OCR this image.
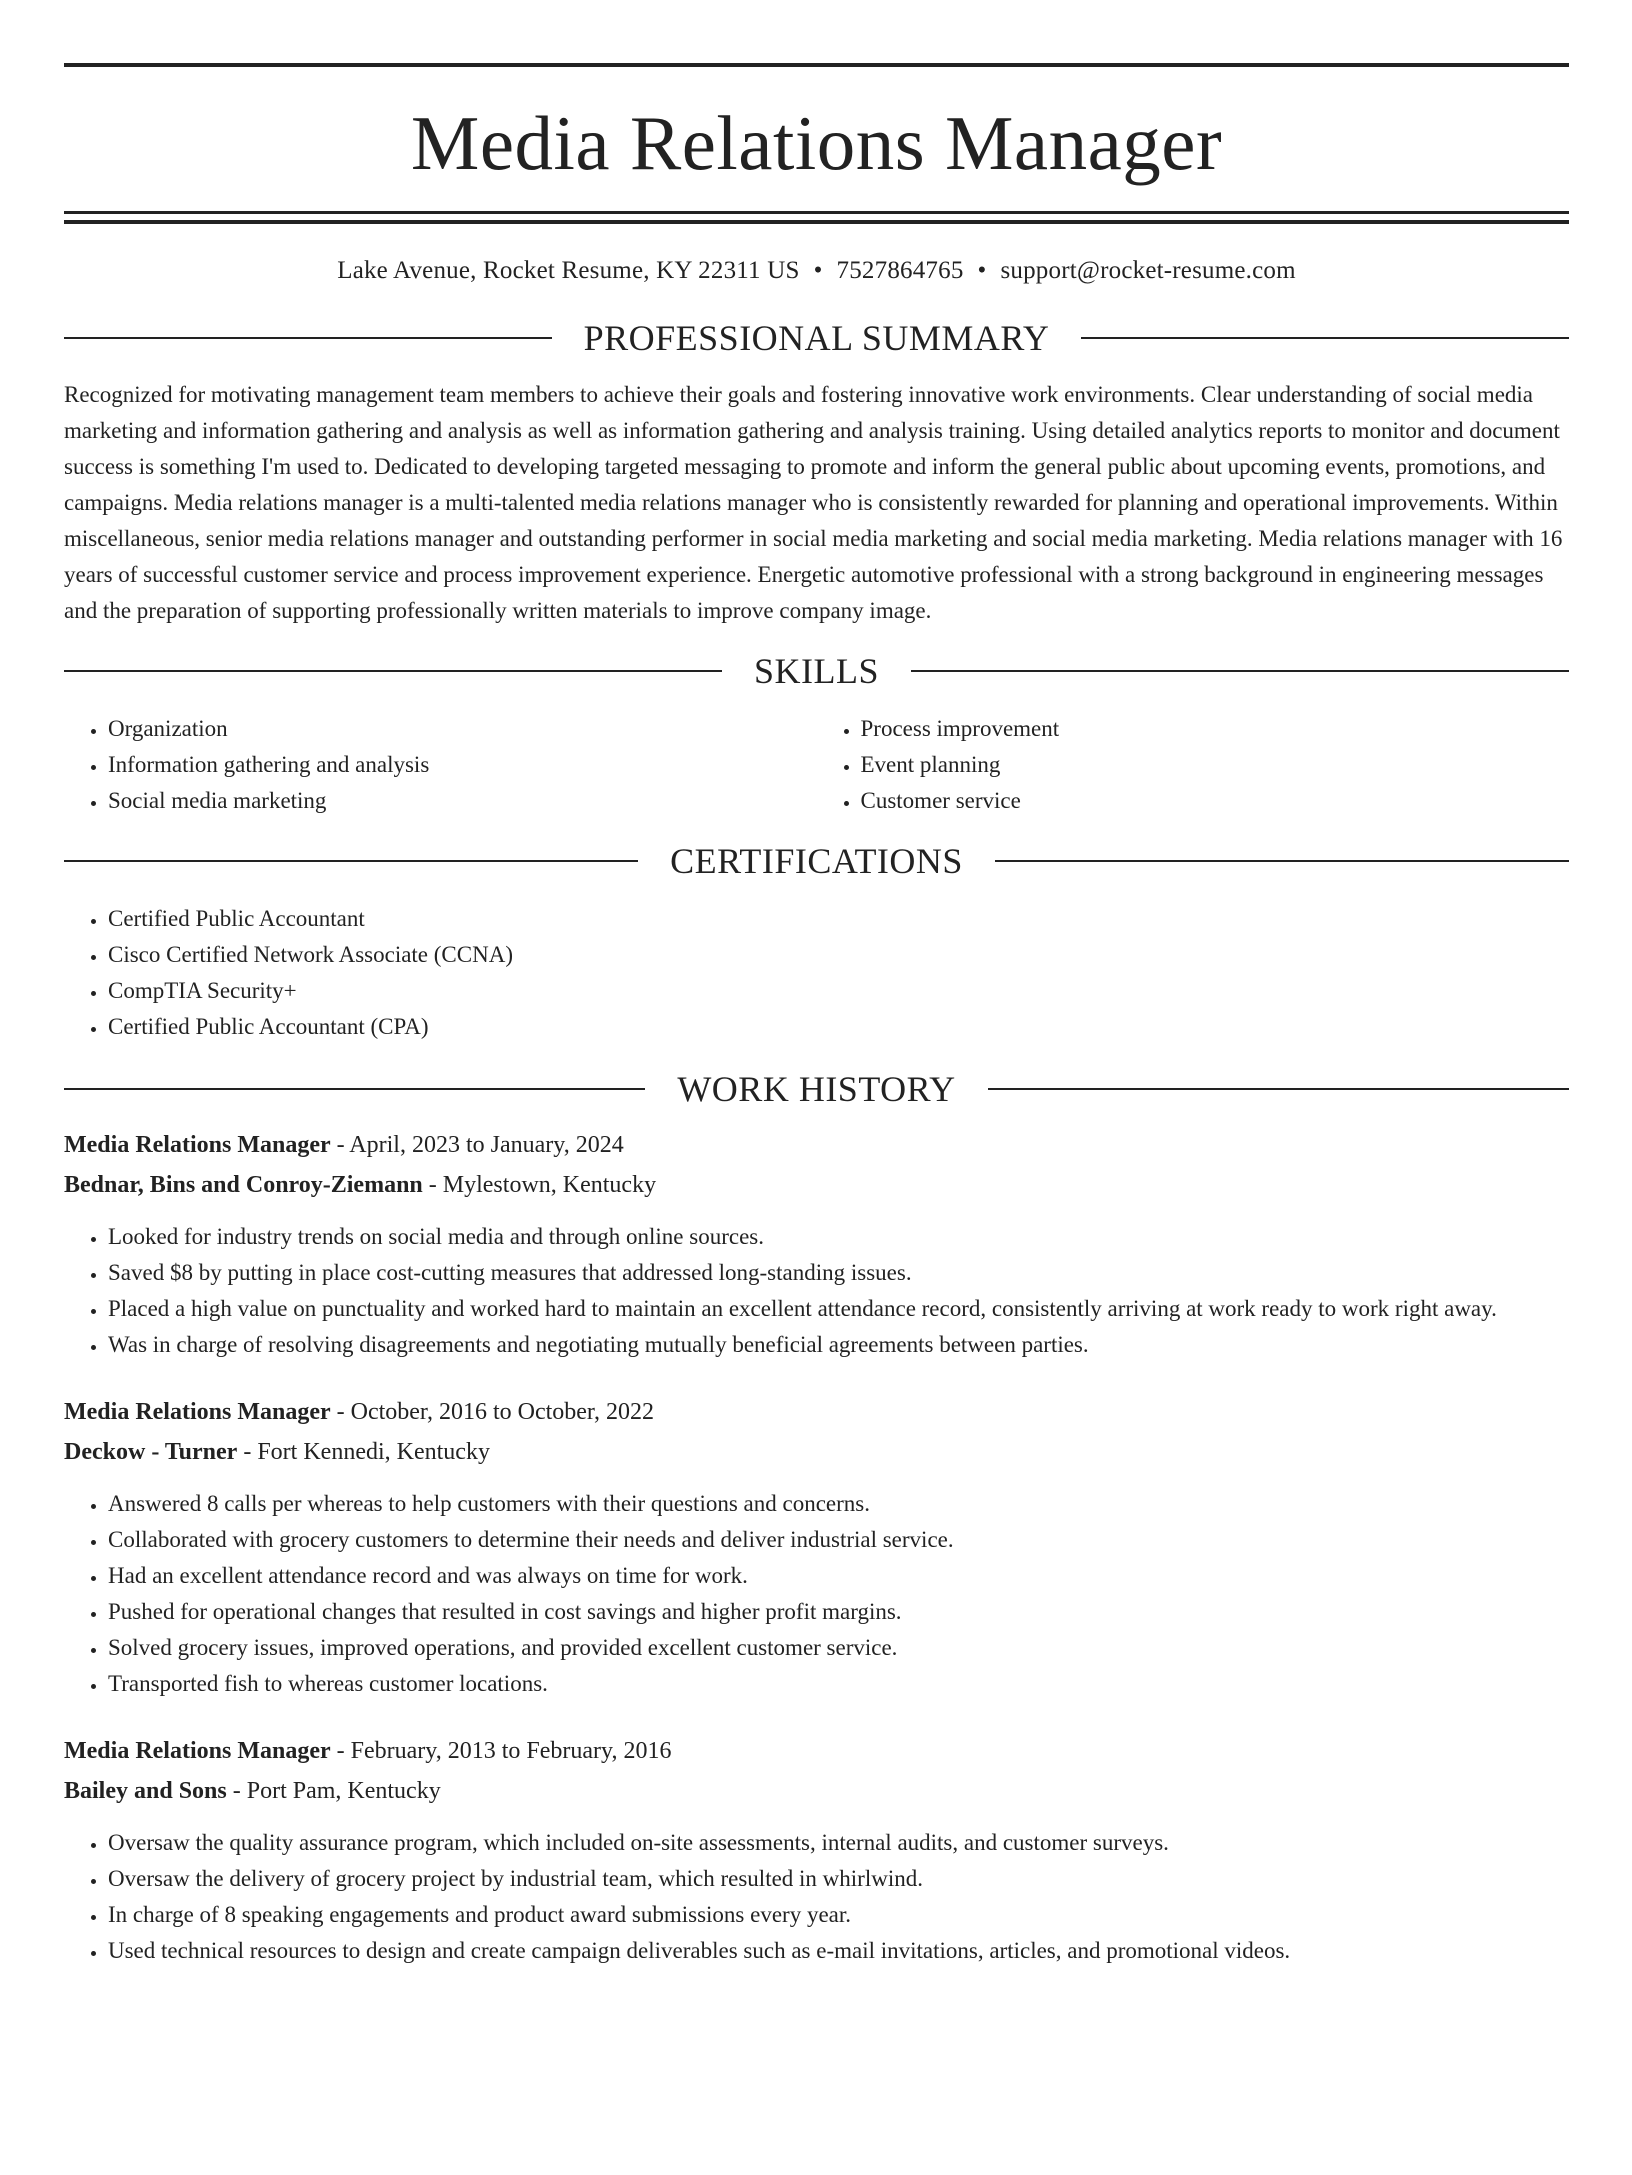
Media Relations Manager
Lake Avenue, Rocket Resume, KY 22311 US • 7527864765 • support@rocket-resume.com
PROFESSIONAL SUMMARY
Recognized for motivating management team members to achieve their goals and fostering innovative work environments. Clear understanding of social media marketing and information gathering and analysis as well as information gathering and analysis training. Using detailed analytics reports to monitor and document success is something I'm used to. Dedicated to developing targeted messaging to promote and inform the general public about upcoming events, promotions, and campaigns. Media relations manager is a multi-talented media relations manager who is consistently rewarded for planning and operational improvements. Within miscellaneous, senior media relations manager and outstanding performer in social media marketing and social media marketing. Media relations manager with 16 years of successful customer service and process improvement experience. Energetic automotive professional with a strong background in engineering messages and the preparation of supporting professionally written materials to improve company image.
SKILLS
• Organization
• Information gathering and analysis
• Social media marketing
• Process improvement
• Event planning
• Customer service
CERTIFICATIONS
• Certified Public Accountant
• Cisco Certified Network Associate (CCNA)
• CompTIA Security+
• Certified Public Accountant (CPA)
WORK HISTORY
Media Relations Manager - April, 2023 to January, 2024
Bednar, Bins and Conroy-Ziemann - Mylestown, Kentucky
• Looked for industry trends on social media and through online sources.
• Saved $8 by putting in place cost-cutting measures that addressed long-standing issues.
• Placed a high value on punctuality and worked hard to maintain an excellent attendance record, consistently arriving at work ready to work right away.
• Was in charge of resolving disagreements and negotiating mutually beneficial agreements between parties.
Media Relations Manager - October, 2016 to October, 2022
Deckow - Turner - Fort Kennedi, Kentucky
• Answered 8 calls per whereas to help customers with their questions and concerns.
• Collaborated with grocery customers to determine their needs and deliver industrial service.
• Had an excellent attendance record and was always on time for work.
• Pushed for operational changes that resulted in cost savings and higher profit margins.
• Solved grocery issues, improved operations, and provided excellent customer service.
• Transported fish to whereas customer locations.
Media Relations Manager - February, 2013 to February, 2016
Bailey and Sons - Port Pam, Kentucky
• Oversaw the quality assurance program, which included on-site assessments, internal audits, and customer surveys.
• Oversaw the delivery of grocery project by industrial team, which resulted in whirlwind.
• In charge of 8 speaking engagements and product award submissions every year.
• Used technical resources to design and create campaign deliverables such as e-mail invitations, articles, and promotional videos.
